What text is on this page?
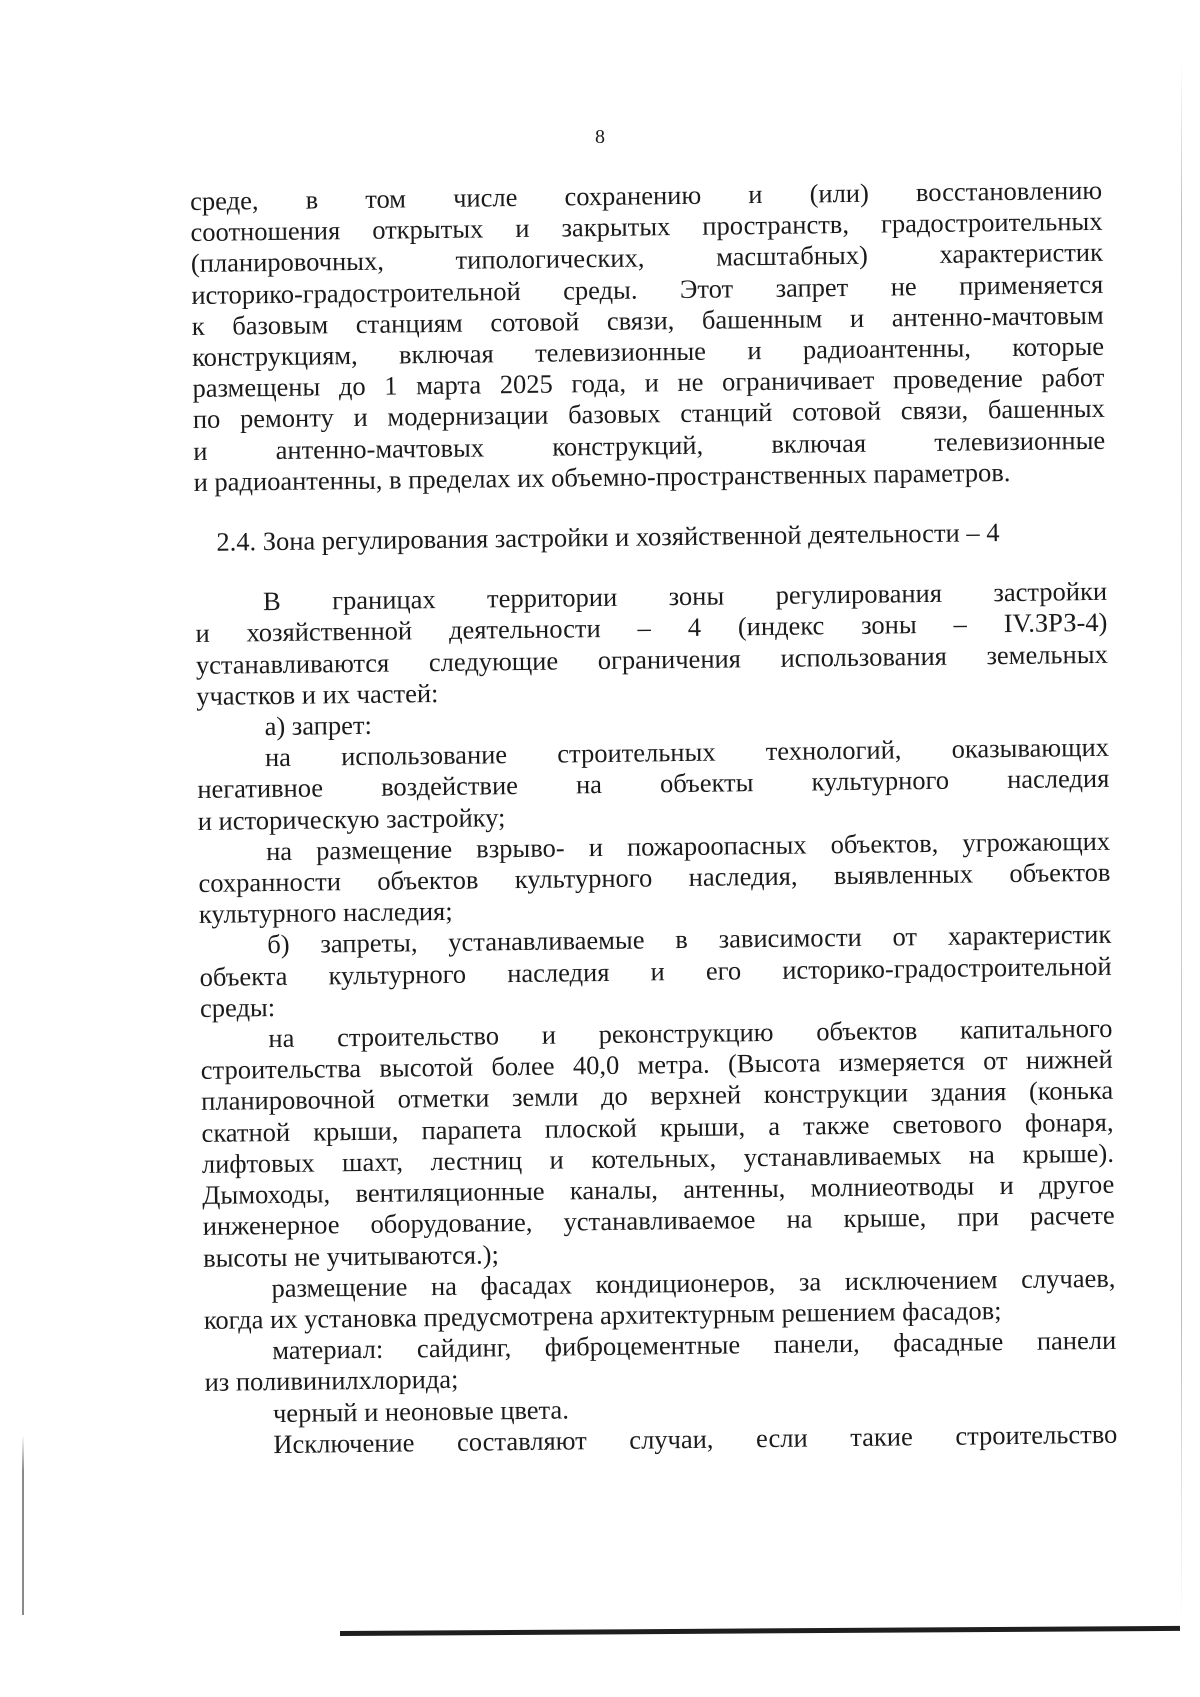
8
среде, в том числе сохранению и (или) восстановлению
соотношения открытых и закрытых пространств, градостроительных
(планировочных, типологических, масштабных) характеристик
историко-градостроительной среды. Этот запрет не применяется
к базовым станциям сотовой связи, башенным и антенно-мачтовым
конструкциям, включая телевизионные и радиоантенны, которые
размещены до 1 марта 2025 года, и не ограничивает проведение работ
по ремонту и модернизации базовых станций сотовой связи, башенных
и антенно-мачтовых конструкций, включая телевизионные
и радиоантенны, в пределах их объемно-пространственных параметров.
2.4. Зона регулирования застройки и хозяйственной деятельности – 4
В границах территории зоны регулирования застройки
и хозяйственной деятельности – 4 (индекс зоны – IV.ЗРЗ-4)
устанавливаются следующие ограничения использования земельных
участков и их частей:
а) запрет:
на использование строительных технологий, оказывающих
негативное воздействие на объекты культурного наследия
и историческую застройку;
на размещение взрыво- и пожароопасных объектов, угрожающих
сохранности объектов культурного наследия, выявленных объектов
культурного наследия;
б) запреты, устанавливаемые в зависимости от характеристик
объекта культурного наследия и его историко-градостроительной
среды:
на строительство и реконструкцию объектов капитального
строительства высотой более 40,0 метра. (Высота измеряется от нижней
планировочной отметки земли до верхней конструкции здания (конька
скатной крыши, парапета плоской крыши, а также светового фонаря,
лифтовых шахт, лестниц и котельных, устанавливаемых на крыше).
Дымоходы, вентиляционные каналы, антенны, молниеотводы и другое
инженерное оборудование, устанавливаемое на крыше, при расчете
высоты не учитываются.);
размещение на фасадах кондиционеров, за исключением случаев,
когда их установка предусмотрена архитектурным решением фасадов;
материал: сайдинг, фиброцементные панели, фасадные панели
из поливинилхлорида;
черный и неоновые цвета.
Исключение составляют случаи, если такие строительство
